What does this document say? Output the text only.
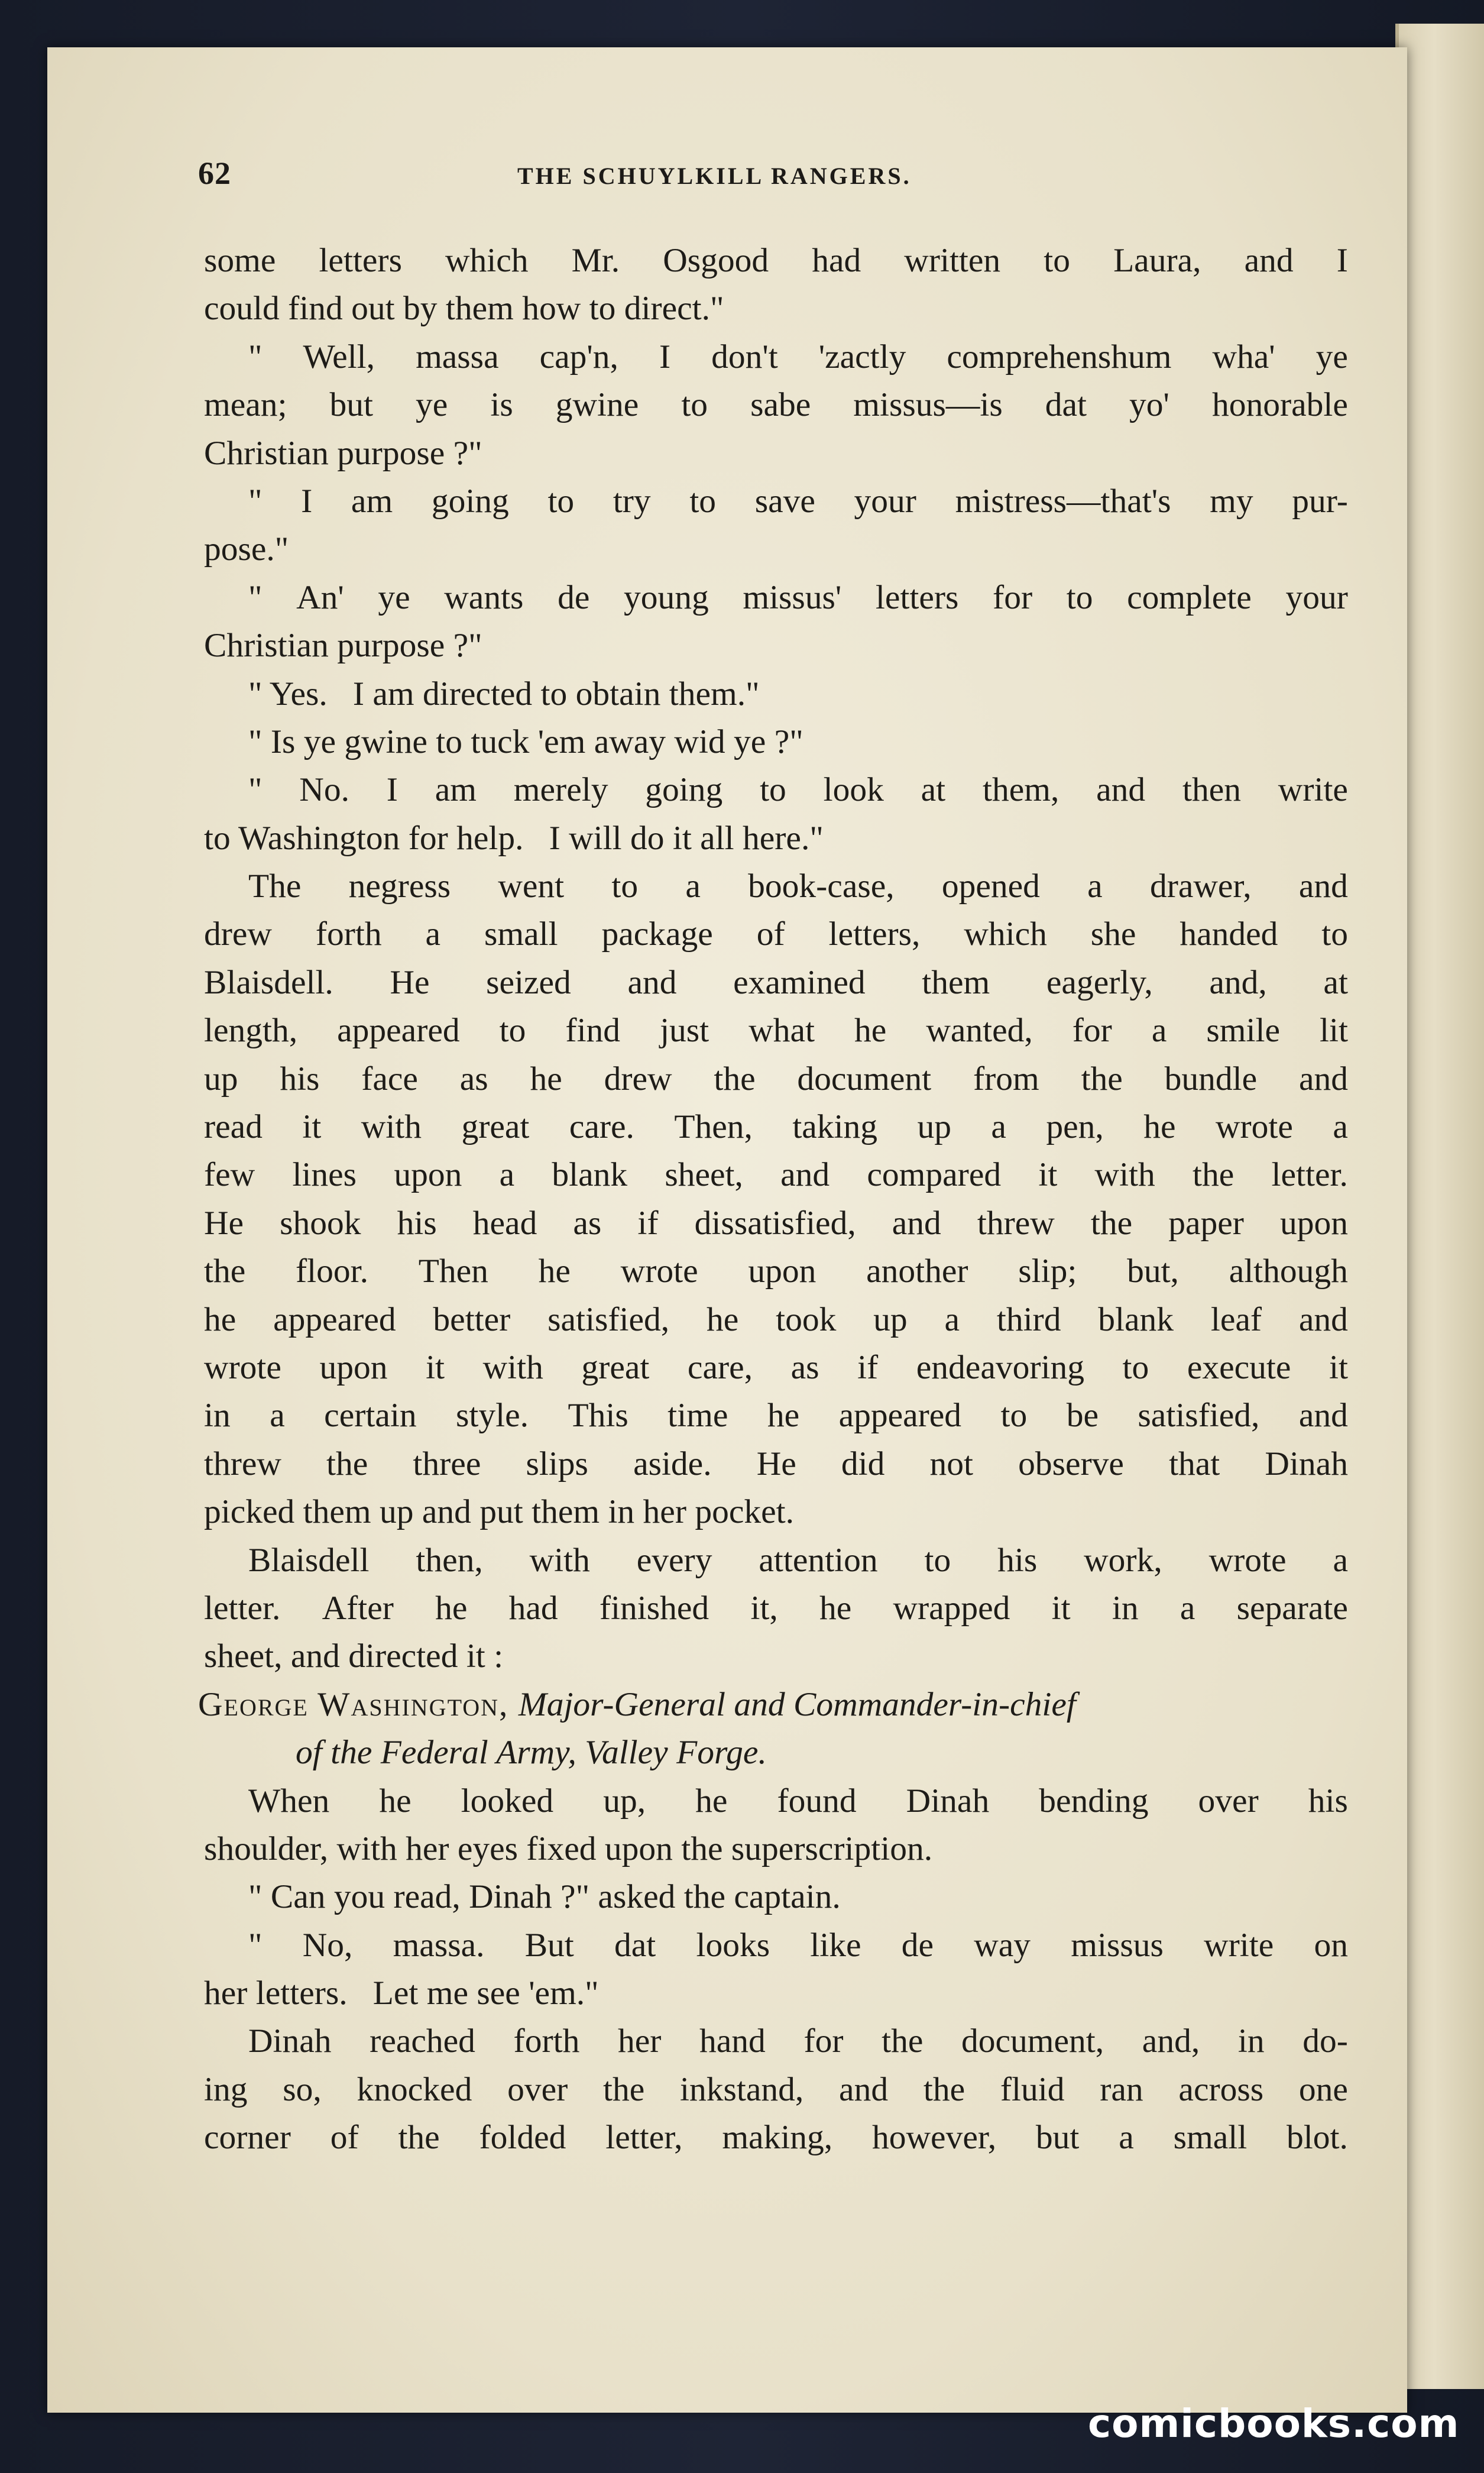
62	THE SCHUYLKILL RANGERS.
some letters which Mr. Osgood had written to Laura, and I
could find out by them how to direct."
" Well, massa cap'n, I don't 'zactly comprehenshum wha' ye
mean; but ye is gwine to sabe missus—is dat yo' honorable
Christian purpose ?"
" I am going to try to save your mistress—that's my pur-
pose."
" An' ye wants de young missus' letters for to complete your
Christian purpose ?"
" Yes.   I am directed to obtain them."
" Is ye gwine to tuck 'em away wid ye ?"
" No. I am merely going to look at them, and then write
to Washington for help.   I will do it all here."
The negress went to a book-case, opened a drawer, and
drew forth a small package of letters, which she handed to
Blaisdell. He seized and examined them eagerly, and, at
length, appeared to find just what he wanted, for a smile lit
up his face as he drew the document from the bundle and
read it with great care. Then, taking up a pen, he wrote a
few lines upon a blank sheet, and compared it with the letter.
He shook his head as if dissatisfied, and threw the paper upon
the floor. Then he wrote upon another slip; but, although
he appeared better satisfied, he took up a third blank leaf and
wrote upon it with great care, as if endeavoring to execute it
in a certain style. This time he appeared to be satisfied, and
threw the three slips aside. He did not observe that Dinah
picked them up and put them in her pocket.
Blaisdell then, with every attention to his work, wrote a
letter. After he had finished it, he wrapped it in a separate
sheet, and directed it :
George Washington, Major-General and Commander-in-chief
of the Federal Army, Valley Forge.
When he looked up, he found Dinah bending over his
shoulder, with her eyes fixed upon the superscription.
" Can you read, Dinah ?" asked the captain.
" No, massa. But dat looks like de way missus write on
her letters.   Let me see 'em."
Dinah reached forth her hand for the document, and, in do-
ing so, knocked over the inkstand, and the fluid ran across one
corner of the folded letter, making, however, but a small blot.
comicbooks.com
